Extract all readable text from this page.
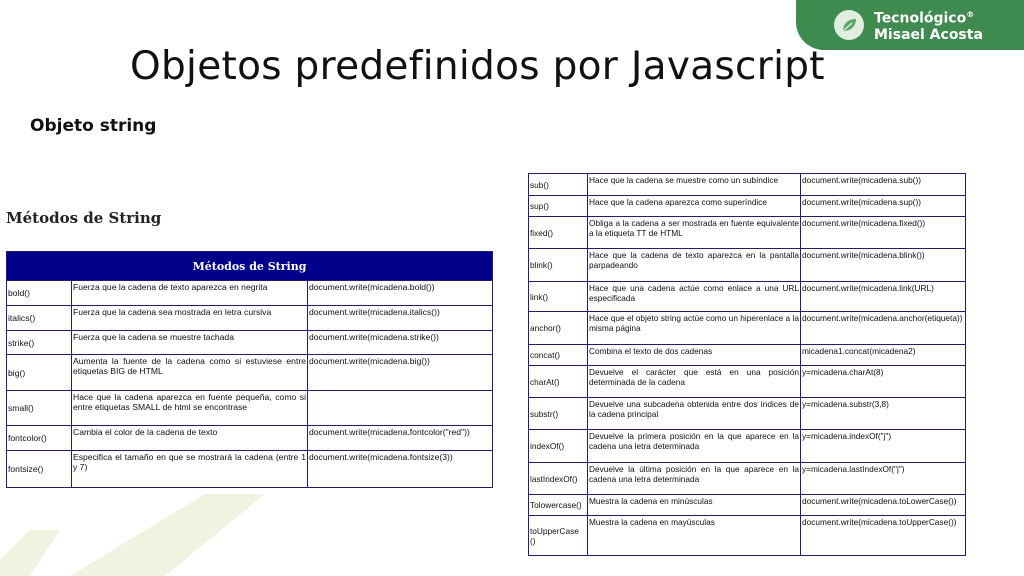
Tecnológico®
Misael Acosta
Objetos predefinidos por Javascript
Objeto string
Métodos de String
Métodos de String		
bold()	Fuerza que la cadena de texto aparezca en negrita	document.write(micadena.bold())
italics()	Fuerza que la cadena sea mostrada en letra cursiva	document.write(micadena.italics())
strike()	Fuerza que la cadena se muestre tachada	document.write(micadena.strike())
big()	Aumenta la fuente de la cadena como si estuviese entre etiquetas BIG de HTML	document.write(micadena.big())
small()	Hace que la cadena aparezca en fuente pequeña, como si entre etiquetas SMALL de html se encontrase	
fontcolor()	Cambia el color de la cadena de texto	document.write(micadena.fontcolor("red"))
fontsize()	Especifica el tamaño en que se mostrará la cadena (entre 1 y 7)	document.write(micadena.fontsize(3))
sub()	Hace que la cadena se muestre como un subíndice	document.write(micadena.sub())
sup()	Hace que la cadena aparezca como superíndice	document.write(micadena.sup())
fixed()	Obliga a la cadena a ser mostrada en fuente equivalente a la etiqueta TT de HTML	document.write(micadena.fixed())
blink()	Hace que la cadena de texto aparezca en la pantalla parpadeando	document.write(micadena.blink())
link()	Hace que una cadena actúe como enlace a una URL especificada	document.write(micadena.link(URL)
anchor()	Hace que el objeto string actúe como un hiperenlace a la misma página	document.write(micadena.anchor(etiqueta))
concat()	Combina el texto de dos cadenas	micadena1.concat(micadena2)
charAt()	Devuelve el carácter que está en una posición determinada de la cadena	y=micadena.charAt(8)
substr()	Devuelve una subcadena obtenida entre dos índices de la cadena principal	y=micadena.substr(3,8)
indexOf()	Devuelve la primera posición en la que aparece en la cadena una letra determinada	y=micadena.indexOf("j")
lastIndexOf()	Devuelve la última posición en la que aparece en la cadena una letra determinada	y=micadena.lastIndexOf("j")
Tolowercase()	Muestra la cadena en minúsculas	document.write(micadena.toLowerCase())
toUpperCase ()	Muestra la cadena en mayúsculas	document.write(micadena.toUpperCase())
